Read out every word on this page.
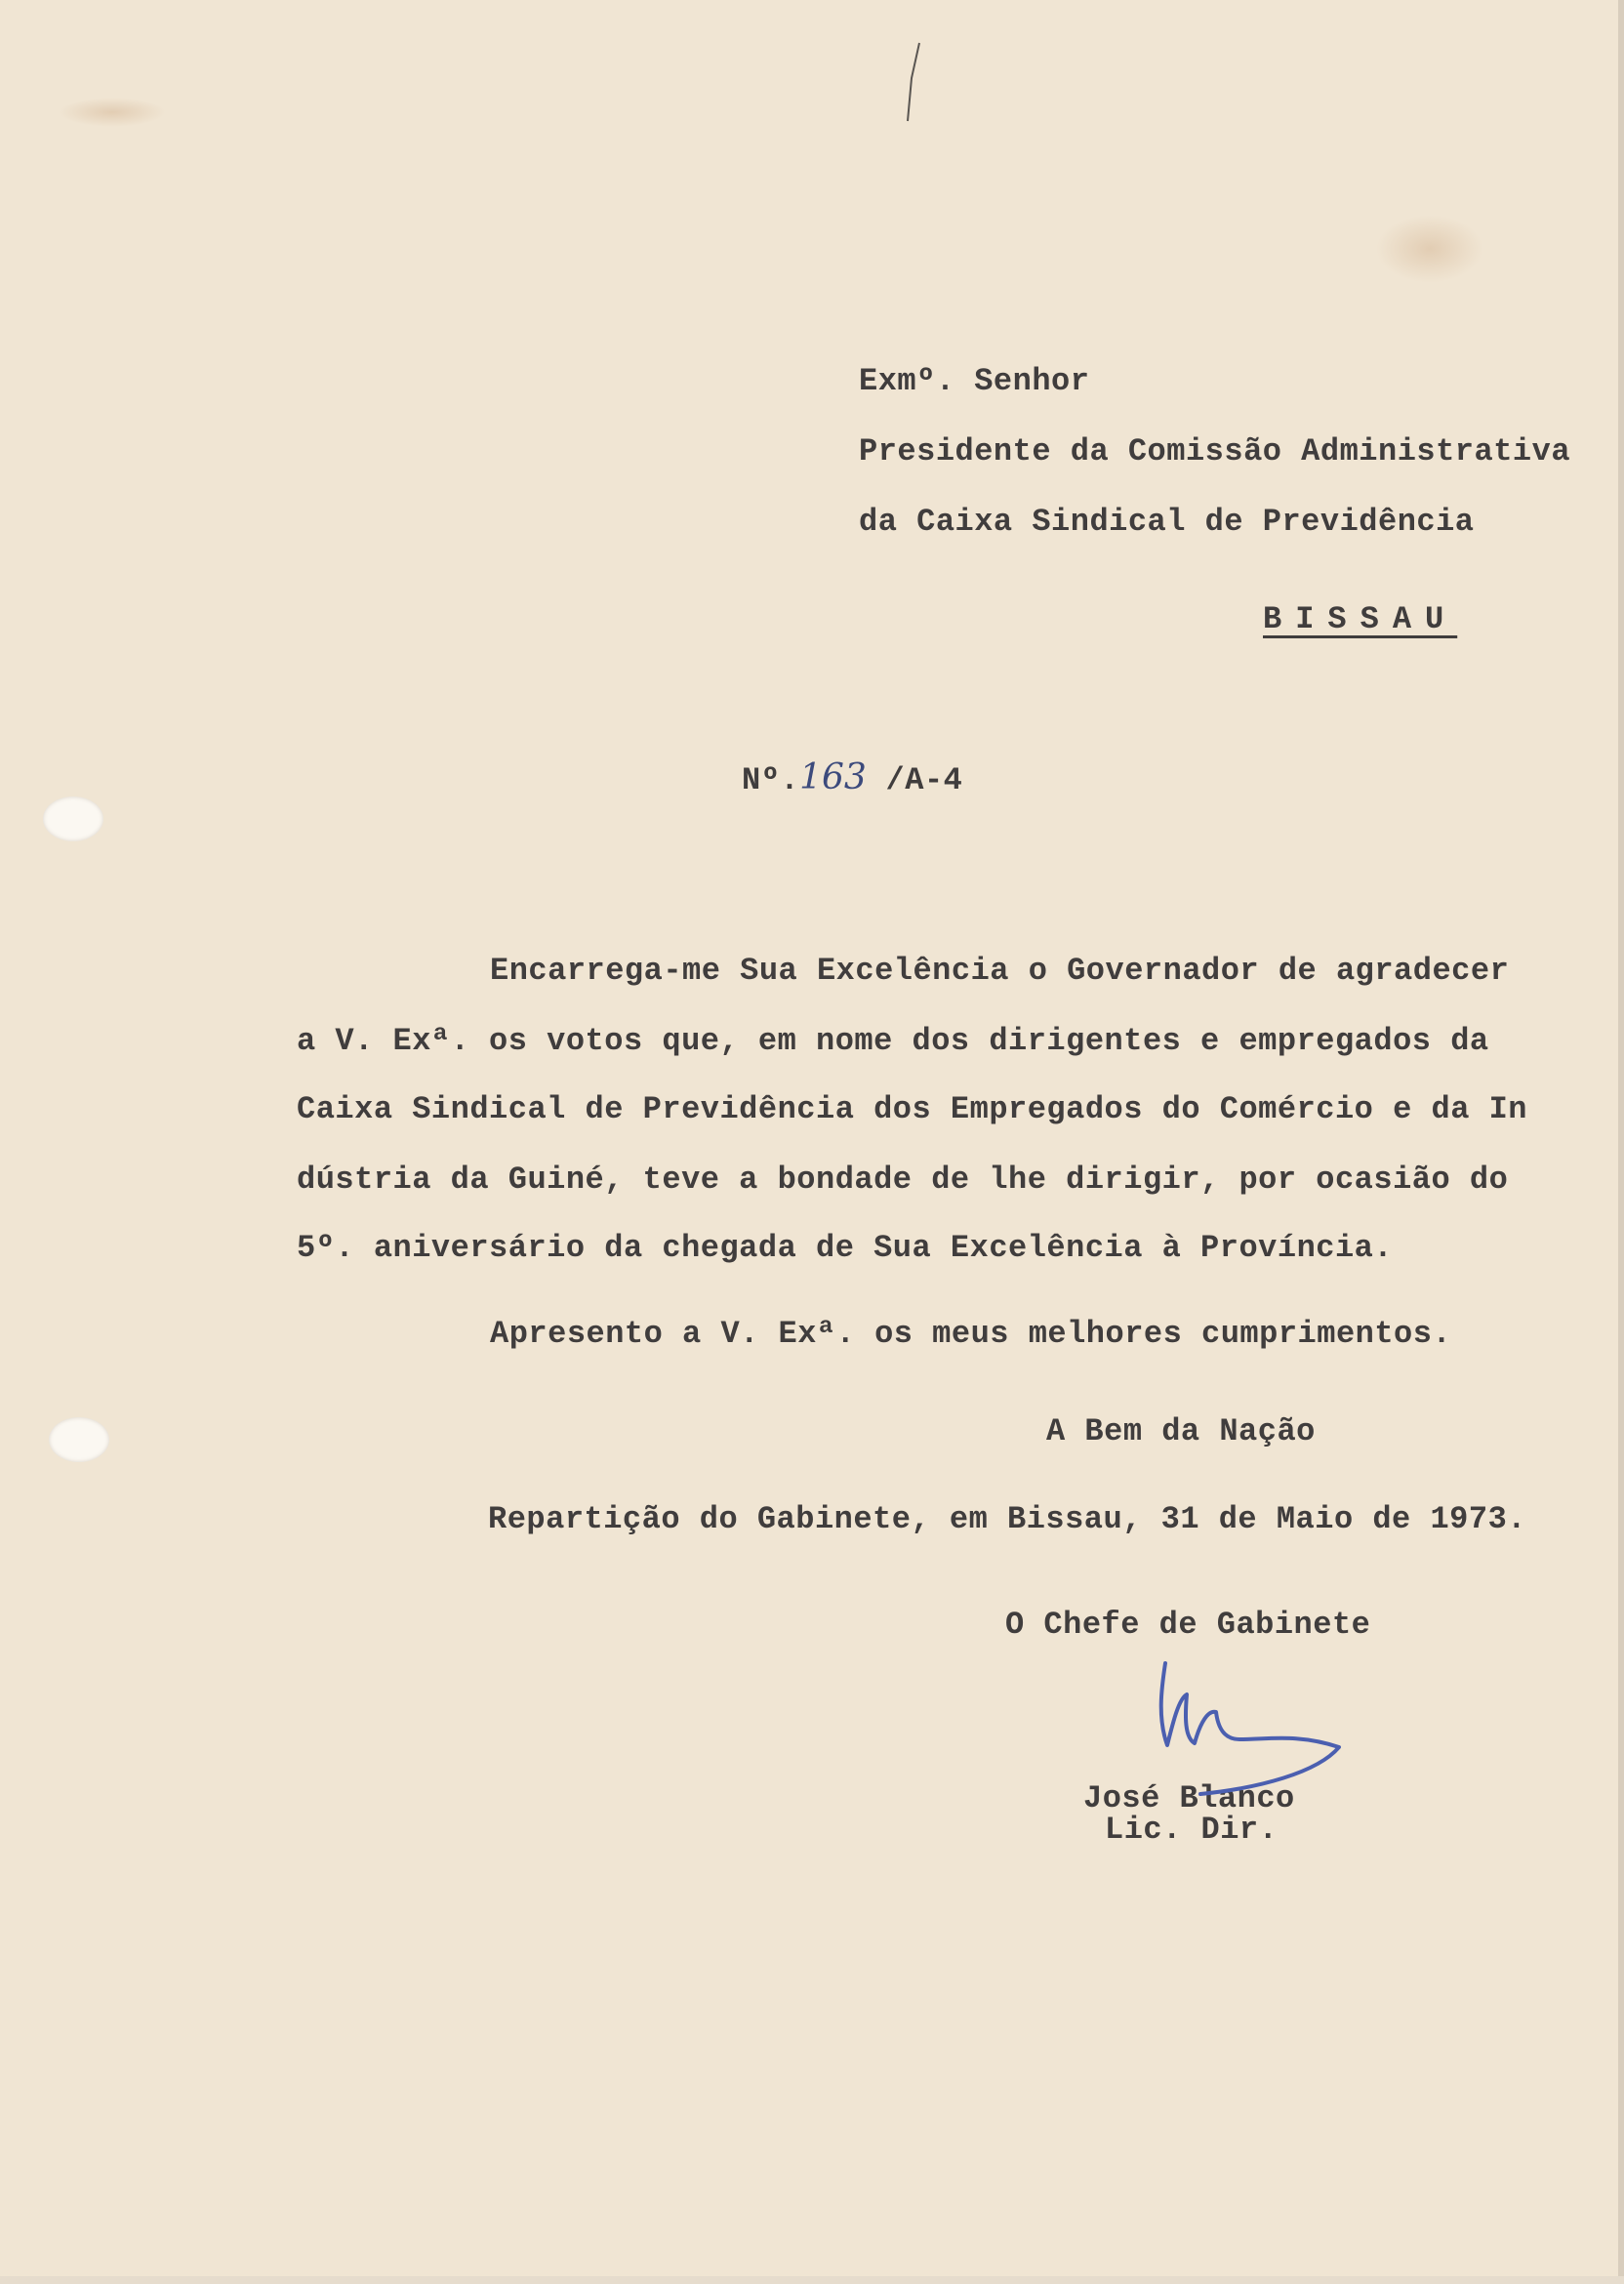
Exmº. Senhor
Presidente da Comissão Administrativa
da Caixa Sindical de Previdência
BISSAU
Nº.163 /A-4
Encarrega-me Sua Excelência o Governador de agradecer
a V. Exª. os votos que, em nome dos dirigentes e empregados da
Caixa Sindical de Previdência dos Empregados do Comércio e da In
dústria da Guiné, teve a bondade de lhe dirigir, por ocasião do
5º. aniversário da chegada de Sua Excelência à Província.
Apresento a V. Exª. os meus melhores cumprimentos.
A Bem da Nação
Repartição do Gabinete, em Bissau, 31 de Maio de 1973.
O Chefe de Gabinete
José Blanco
Lic. Dir.
